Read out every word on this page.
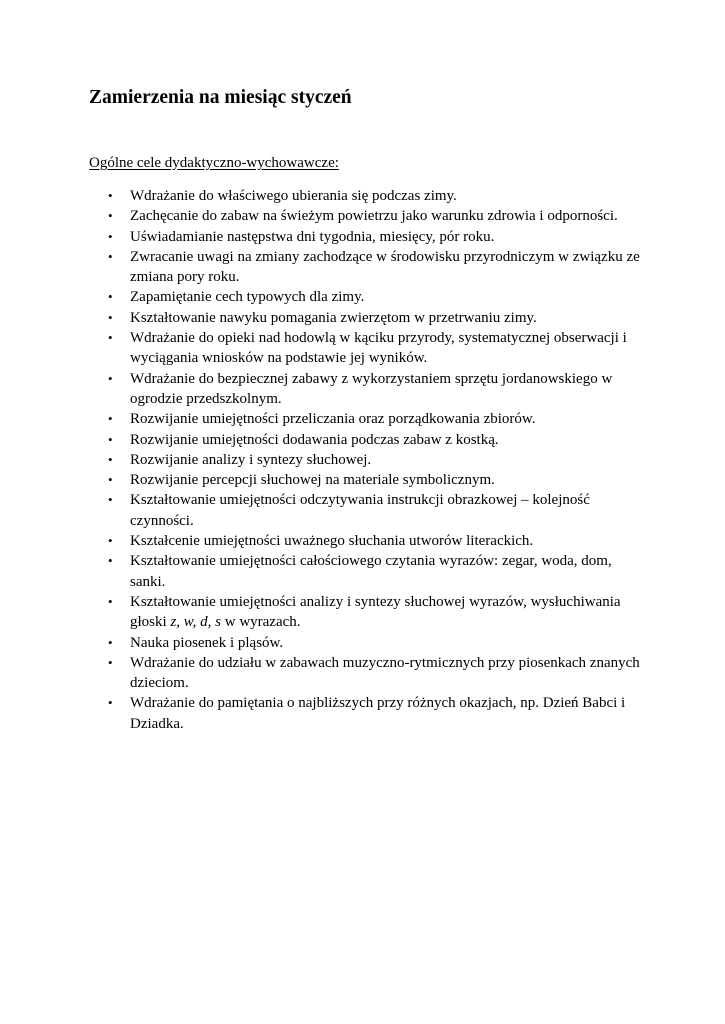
Zamierzenia na miesiąc styczeń

Ogólne cele dydaktyczno-wychowawcze:

• Wdrażanie do właściwego ubierania się podczas zimy.
• Zachęcanie do zabaw na świeżym powietrzu jako warunku zdrowia i odporności.
• Uświadamianie następstwa dni tygodnia, miesięcy, pór roku.
• Zwracanie uwagi na zmiany zachodzące w środowisku przyrodniczym w związku ze zmiana pory roku.
• Zapamiętanie cech typowych dla zimy.
• Kształtowanie nawyku pomagania zwierzętom w przetrwaniu zimy.
• Wdrażanie do opieki nad hodowlą w kąciku przyrody, systematycznej obserwacji i wyciągania wniosków na podstawie jej wyników.
• Wdrażanie do bezpiecznej zabawy z wykorzystaniem sprzętu jordanowskiego w ogrodzie przedszkolnym.
• Rozwijanie umiejętności przeliczania oraz porządkowania zbiorów.
• Rozwijanie umiejętności dodawania podczas zabaw z kostką.
• Rozwijanie analizy i syntezy słuchowej.
• Rozwijanie percepcji słuchowej na materiale symbolicznym.
• Kształtowanie umiejętności odczytywania instrukcji obrazkowej – kolejność czynności.
• Kształcenie umiejętności uważnego słuchania utworów literackich.
• Kształtowanie umiejętności całościowego czytania wyrazów: zegar, woda, dom, sanki.
• Kształtowanie umiejętności analizy i syntezy słuchowej wyrazów, wysłuchiwania głoski z, w, d, s w wyrazach.
• Nauka piosenek i pląsów.
• Wdrażanie do udziału w zabawach muzyczno-rytmicznych przy piosenkach znanych dzieciom.
• Wdrażanie do pamiętania o najbliższych przy różnych okazjach, np. Dzień Babci i Dziadka.
